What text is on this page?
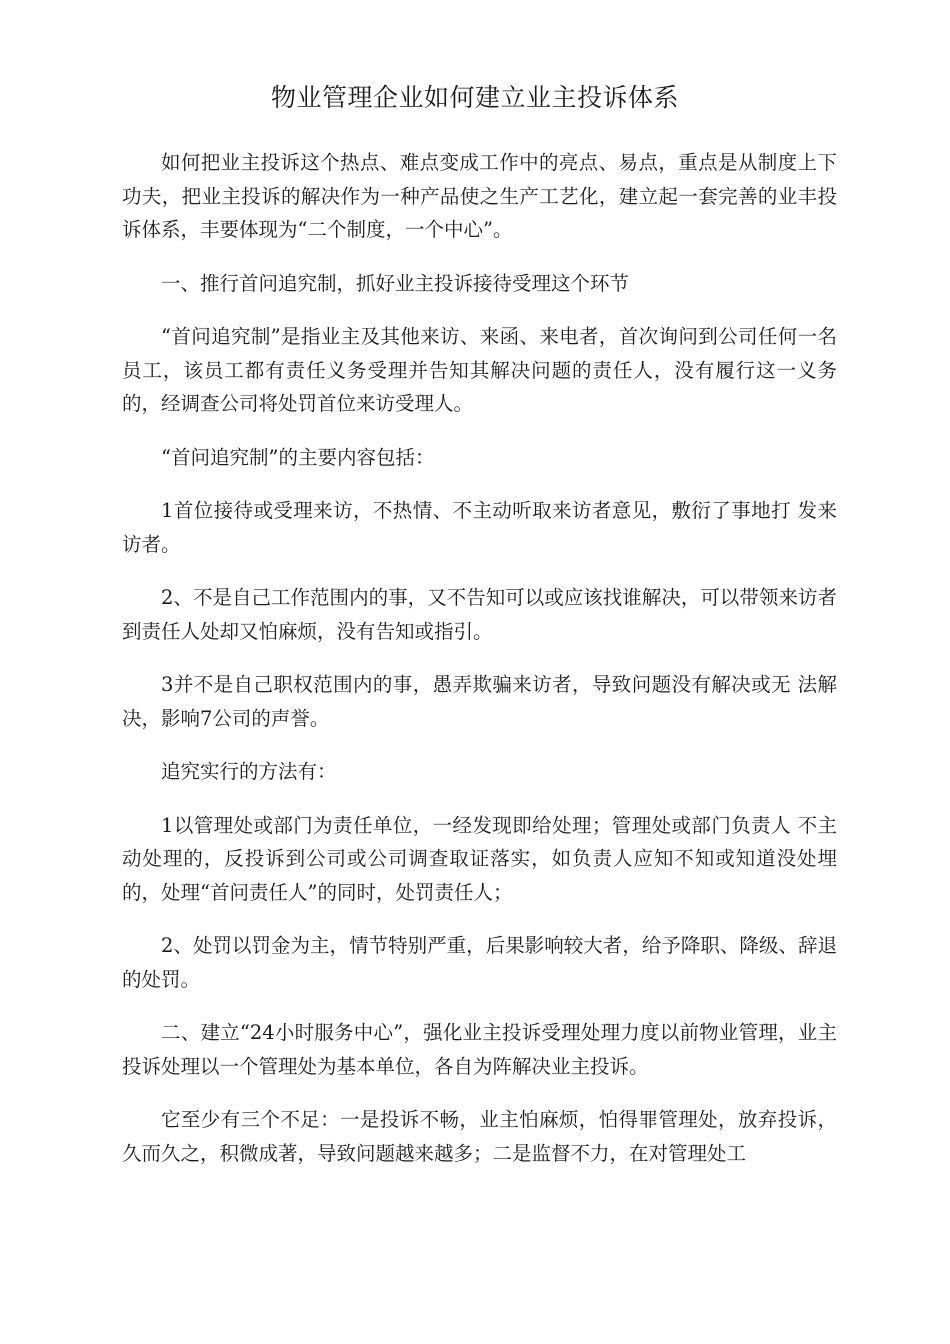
物业管理企业如何建立业主投诉体系

如何把业主投诉这个热点、难点变成工作中的亮点、易点，重点是从制度上下功夫，把业主投诉的解决作为一种产品使之生产工艺化，建立起一套完善的业丰投诉体系，丰要体现为“二个制度，一个中心”。

一、推行首问追究制，抓好业主投诉接待受理这个环节

“首问追究制”是指业主及其他来访、来函、来电者，首次询问到公司任何一名员工，该员工都有责任义务受理并告知其解决问题的责任人，没有履行这一义务的，经调查公司将处罚首位来访受理人。

“首问追究制”的主要内容包括：

1首位接待或受理来访，不热情、不主动听取来访者意见，敷衍了事地打 发来访者。

2、不是自己工作范围内的事，又不告知可以或应该找谁解决，可以带领来访者到责任人处却又怕麻烦，没有告知或指引。

3并不是自己职权范围内的事，愚弄欺骗来访者，导致问题没有解决或无 法解决，影响7公司的声誉。

追究实行的方法有：

1以管理处或部门为责任单位，一经发现即给处理；管理处或部门负责人 不主动处理的，反投诉到公司或公司调查取证落实，如负责人应知不知或知道没处埋的，处理“首问责任人”的同时，处罚责任人；

2、处罚以罚金为主，情节特别严重，后果影响较大者，给予降职、降级、辞退的处罚。

二、建立“24小时服务中心”，强化业主投诉受理处理力度以前物业管理，业主投诉处理以一个管理处为基本单位，各自为阵解决业主投诉。

它至少有三个不足：一是投诉不畅，业主怕麻烦，怕得罪管理处，放弃投诉， 久而久之，积微成著，导致问题越来越多；二是监督不力，在对管理处工
